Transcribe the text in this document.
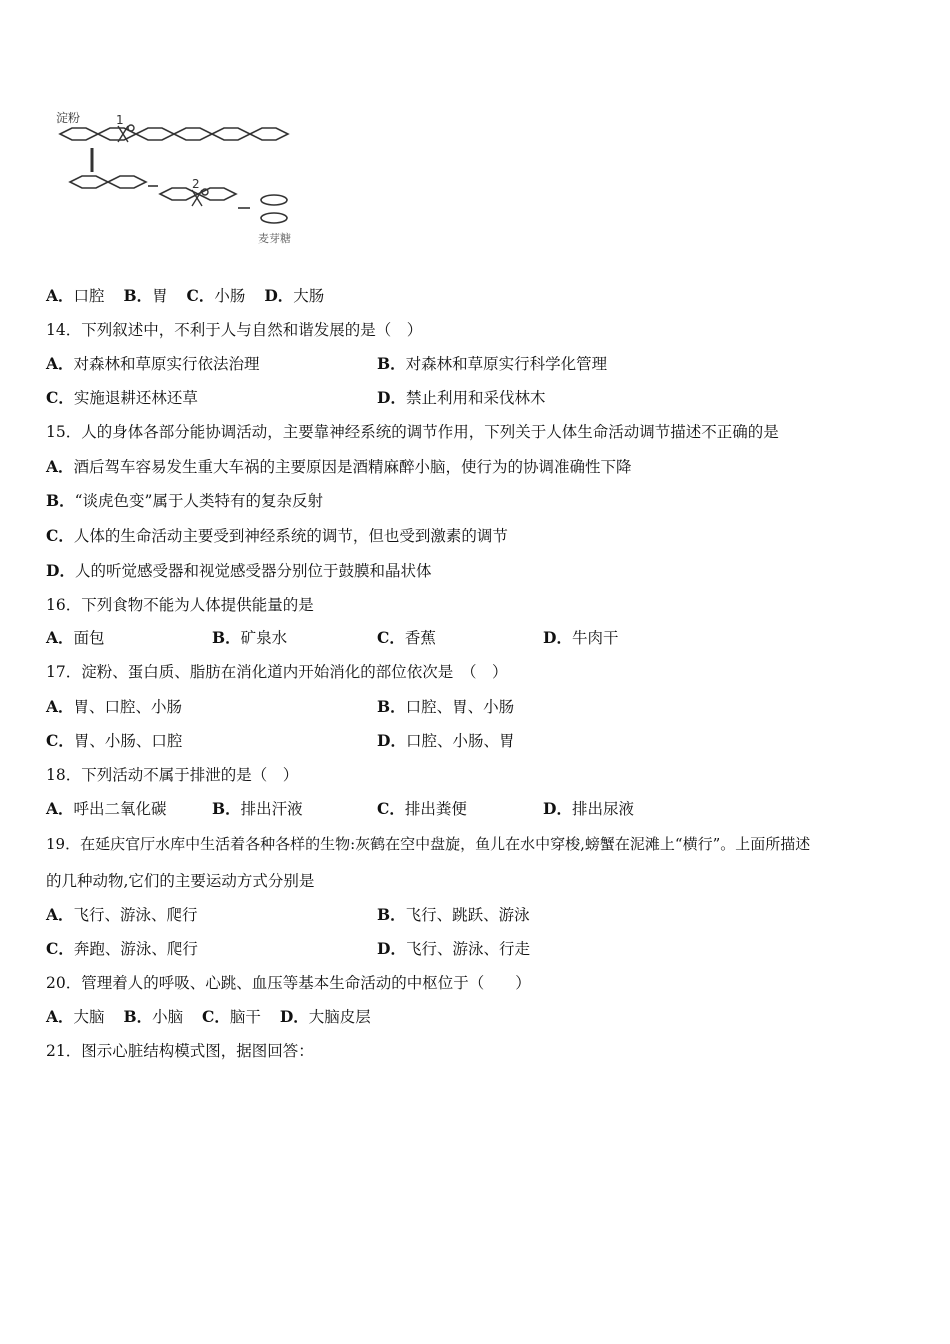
淀粉	1
2
麦芽糖
A．口腔 B．胃 C．小肠 D．大肠
14．下列叙述中，不利于人与自然和谐发展的是（　）
A．对森林和草原实行依法治理	B．对森林和草原实行科学化管理
C．实施退耕还林还草	D．禁止利用和采伐林木
15．人的身体各部分能协调活动，主要靠神经系统的调节作用，下列关于人体生命活动调节描述不正确的是
A．酒后驾车容易发生重大车祸的主要原因是酒精麻醉小脑，使行为的协调准确性下降
B．“谈虎色变”属于人类特有的复杂反射
C．人体的生命活动主要受到神经系统的调节，但也受到激素的调节
D．人的听觉感受器和视觉感受器分别位于鼓膜和晶状体
16．下列食物不能为人体提供能量的是
A．面包	B．矿泉水	C．香蕉	D．牛肉干
17．淀粉、蛋白质、脂肪在消化道内开始消化的部位依次是　（　）
A．胃、口腔、小肠	B．口腔、胃、小肠
C．胃、小肠、口腔	D．口腔、小肠、胃
18．下列活动不属于排泄的是（　）
A．呼出二氧化碳	B．排出汗液	C．排出粪便	D．排出尿液
19．在延庆官厅水库中生活着各种各样的生物:灰鹤在空中盘旋，鱼儿在水中穿梭,螃蟹在泥滩上“横行”。上面所描述
的几种动物,它们的主要运动方式分别是
A．飞行、游泳、爬行	B．飞行、跳跃、游泳
C．奔跑、游泳、爬行	D．飞行、游泳、行走
20．管理着人的呼吸、心跳、血压等基本生命活动的中枢位于（　　）
A．大脑 B．小脑 C．脑干 D．大脑皮层
21．图示心脏结构模式图，据图回答：
